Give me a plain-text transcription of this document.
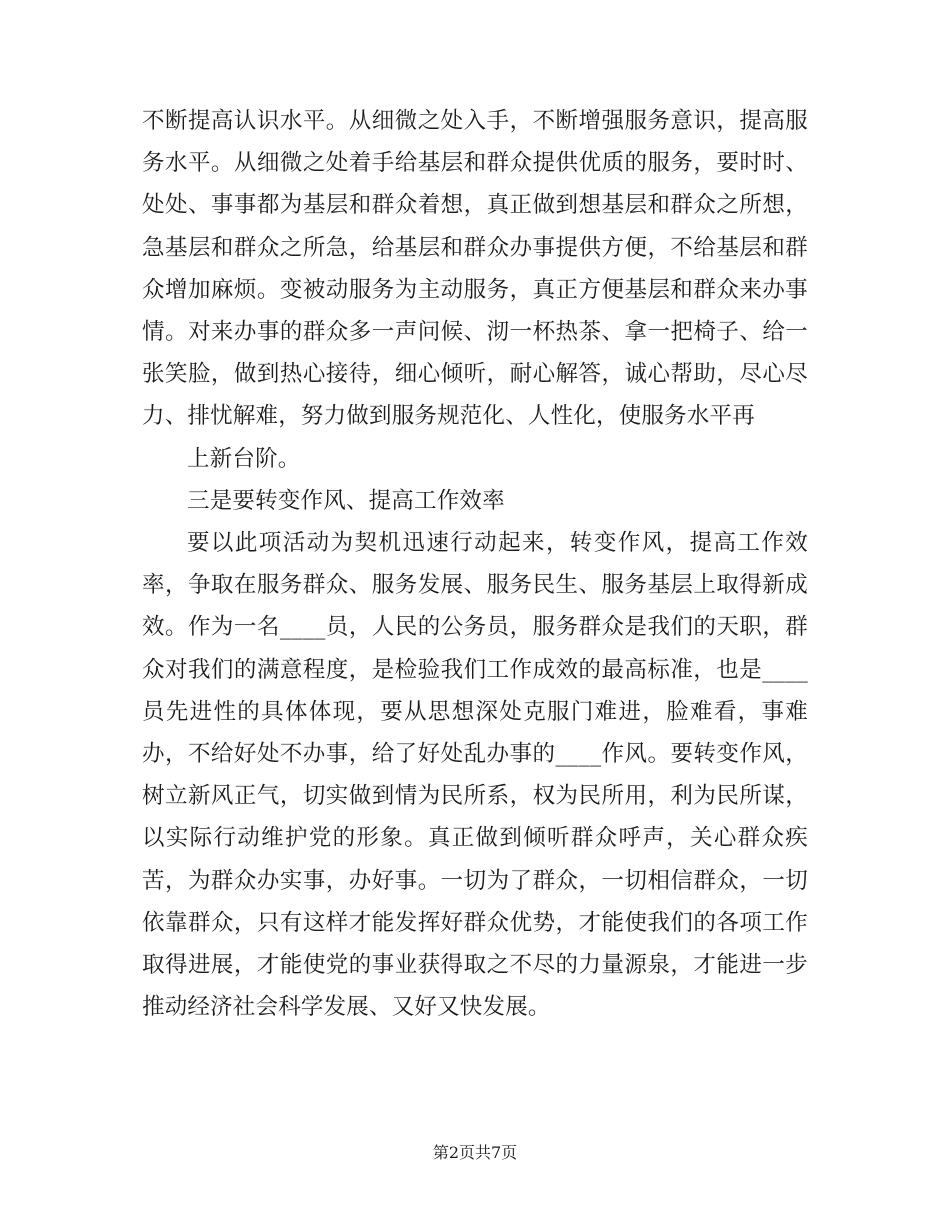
不断提高认识水平。从细微之处入手，不断增强服务意识，提高服务水平。从细微之处着手给基层和群众提供优质的服务，要时时、处处、事事都为基层和群众着想，真正做到想基层和群众之所想，急基层和群众之所急，给基层和群众办事提供方便，不给基层和群众增加麻烦。变被动服务为主动服务，真正方便基层和群众来办事情。对来办事的群众多一声问候、沏一杯热茶、拿一把椅子、给一张笑脸，做到热心接待，细心倾听，耐心解答，诚心帮助，尽心尽力、排忧解难，努力做到服务规范化、人性化，使服务水平再

上新台阶。

三是要转变作风、提高工作效率

要以此项活动为契机迅速行动起来，转变作风，提高工作效率，争取在服务群众、服务发展、服务民生、服务基层上取得新成效。作为一名____员，人民的公务员，服务群众是我们的天职，群众对我们的满意程度，是检验我们工作成效的最高标准，也是____员先进性的具体体现，要从思想深处克服门难进，脸难看，事难办，不给好处不办事，给了好处乱办事的____作风。要转变作风，树立新风正气，切实做到情为民所系，权为民所用，利为民所谋，以实际行动维护党的形象。真正做到倾听群众呼声，关心群众疾苦，为群众办实事，办好事。一切为了群众，一切相信群众，一切依靠群众，只有这样才能发挥好群众优势，才能使我们的各项工作取得进展，才能使党的事业获得取之不尽的力量源泉，才能进一步推动经济社会科学发展、又好又快发展。

第2页共7页
